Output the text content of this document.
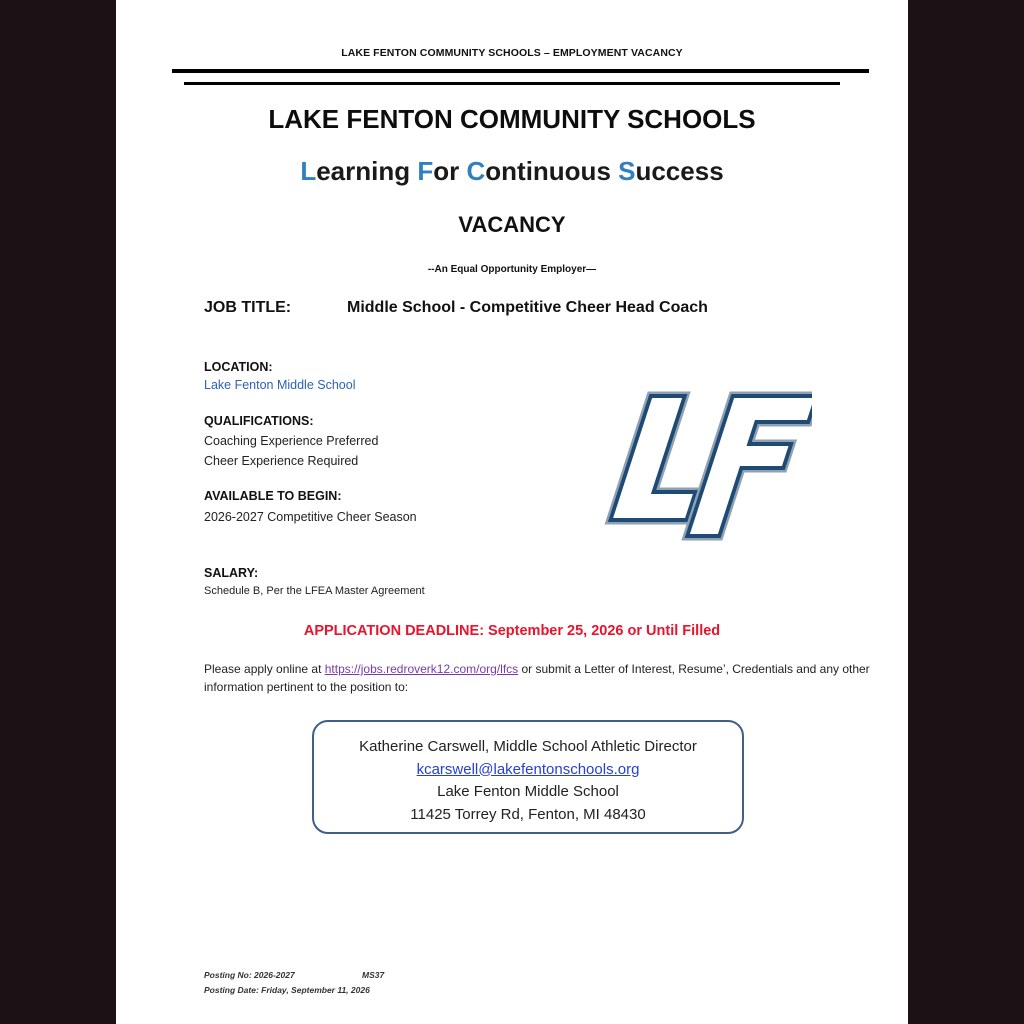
LAKE FENTON COMMUNITY SCHOOLS – EMPLOYMENT VACANCY
LAKE FENTON COMMUNITY SCHOOLS
Learning For Continuous Success
VACANCY
--An Equal Opportunity Employer—
JOB TITLE:	Middle School - Competitive Cheer Head Coach
LOCATION:
Lake Fenton Middle School
QUALIFICATIONS:
Coaching Experience Preferred
Cheer Experience Required
AVAILABLE TO BEGIN:
2026-2027 Competitive Cheer Season
SALARY:
Schedule B, Per the LFEA Master Agreement
APPLICATION DEADLINE: September 25, 2026 or Until Filled
Please apply online at https://jobs.redroverk12.com/org/lfcs or submit a Letter of Interest, Resume’, Credentials and any other information pertinent to the position to:
Katherine Carswell, Middle School Athletic Director
kcarswell@lakefentonschools.org
Lake Fenton Middle School
11425 Torrey Rd, Fenton, MI 48430
Posting No: 2026-2027	MS37
Posting Date: Friday, September 11, 2026
